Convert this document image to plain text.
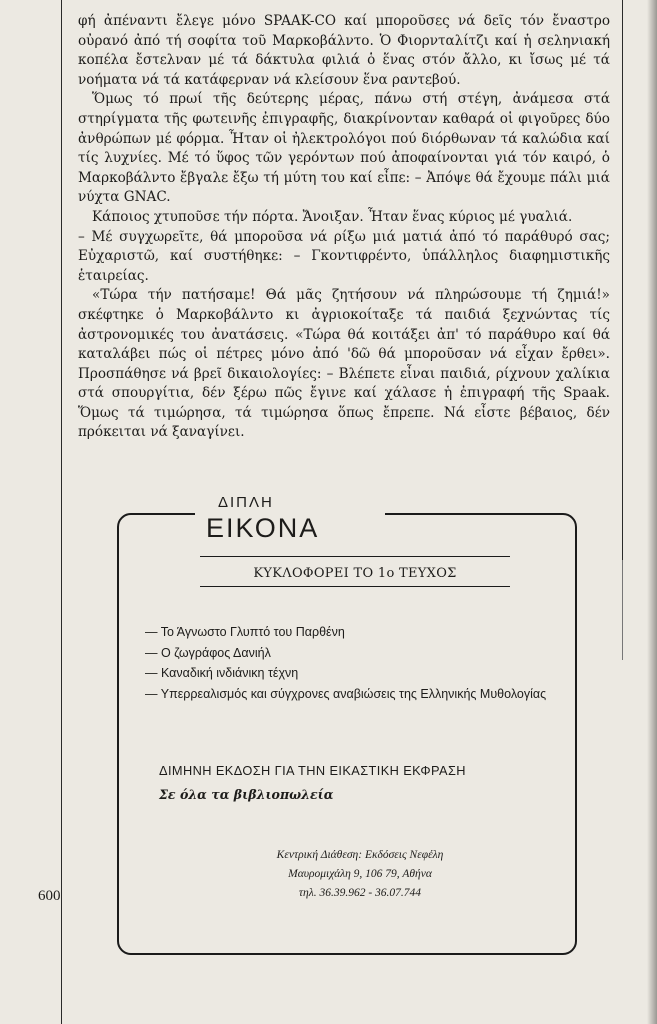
φή ἀπέναντι ἔλεγε μόνο SPAAK-CO καί μποροῦσες νά δεῖς τόν ἔναστρο οὐρανό ἀπό τή σοφίτα τοῦ Μαρκοβάλντο. Ὁ Φιορνταλίτζι καί ἡ σεληνιακή κοπέλα ἔστελναν μέ τά δάκτυλα φιλιά ὁ ἕνας στόν ἄλλο, κι ἴσως μέ τά νοήματα νά τά κατάφερναν νά κλείσουν ἕνα ραντεβού.

Ὅμως τό πρωί τῆς δεύτερης μέρας, πάνω στή στέγη, ἀνάμεσα στά στηρίγματα τῆς φωτεινῆς ἐπιγραφῆς, διακρίνονταν καθαρά οἱ φιγοῦρες δύο ἀνθρώπων μέ φόρμα. Ἦταν οἱ ἠλεκτρολόγοι πού διόρθωναν τά καλώδια καί τίς λυχνίες. Μέ τό ὕφος τῶν γερόντων πού ἀποφαίνονται γιά τόν καιρό, ὁ Μαρκοβάλντο ἔβγαλε ἔξω τή μύτη του καί εἶπε: – Ἀπόψε θά ἔχουμε πάλι μιά νύχτα GNAC.

Κάποιος χτυποῦσε τήν πόρτα. Ἄνοιξαν. Ἦταν ἕνας κύριος μέ γυαλιά.

– Μέ συγχωρεῖτε, θά μποροῦσα νά ρίξω μιά ματιά ἀπό τό παράθυρό σας; Εὐχαριστῶ, καί συστήθηκε: – Γκοντιφρέντο, ὑπάλληλος διαφημιστικῆς ἑταιρείας.

«Τώρα τήν πατήσαμε! Θά μᾶς ζητήσουν νά πληρώσουμε τή ζημιά!» σκέφτηκε ὁ Μαρκοβάλντο κι ἀγριοκοίταξε τά παιδιά ξεχνώντας τίς ἀστρονομικές του ἀνατάσεις. «Τώρα θά κοιτάξει ἀπ' τό παράθυρο καί θά καταλάβει πώς οἱ πέτρες μόνο ἀπό 'δῶ θά μποροῦσαν νά εἶχαν ἔρθει». Προσπάθησε νά βρεῖ δικαιολογίες: – Βλέπετε εἶναι παιδιά, ρίχνουν χαλίκια στά σπουργίτια, δέν ξέρω πῶς ἔγινε καί χάλασε ἡ ἐπιγραφή τῆς Spaak. Ὅμως τά τιμώρησα, τά τιμώρησα ὅπως ἔπρεπε. Νά εἶστε βέβαιος, δέν πρόκειται νά ξαναγίνει.

ΔΙΠΛΗ
ΕΙΚΟΝΑ
ΚΥΚΛΟΦΟΡΕΙ ΤΟ 1ο ΤΕΥΧΟΣ
— Το Άγνωστο Γλυπτό του Παρθένη
— Ο ζωγράφος Δανιήλ
— Καναδική ινδιάνικη τέχνη
— Υπερρεαλισμός και σύγχρονες αναβιώσεις της Ελληνικής Μυθολογίας
ΔΙΜΗΝΗ ΕΚΔΟΣΗ ΓΙΑ ΤΗΝ ΕΙΚΑΣΤΙΚΗ ΕΚΦΡΑΣΗ
Σε όλα τα βιβλιοπωλεία
Κεντρική Διάθεση: Εκδόσεις Νεφέλη
Μαυρομιχάλη 9, 106 79, Αθήνα
τηλ. 36.39.962 - 36.07.744
600
